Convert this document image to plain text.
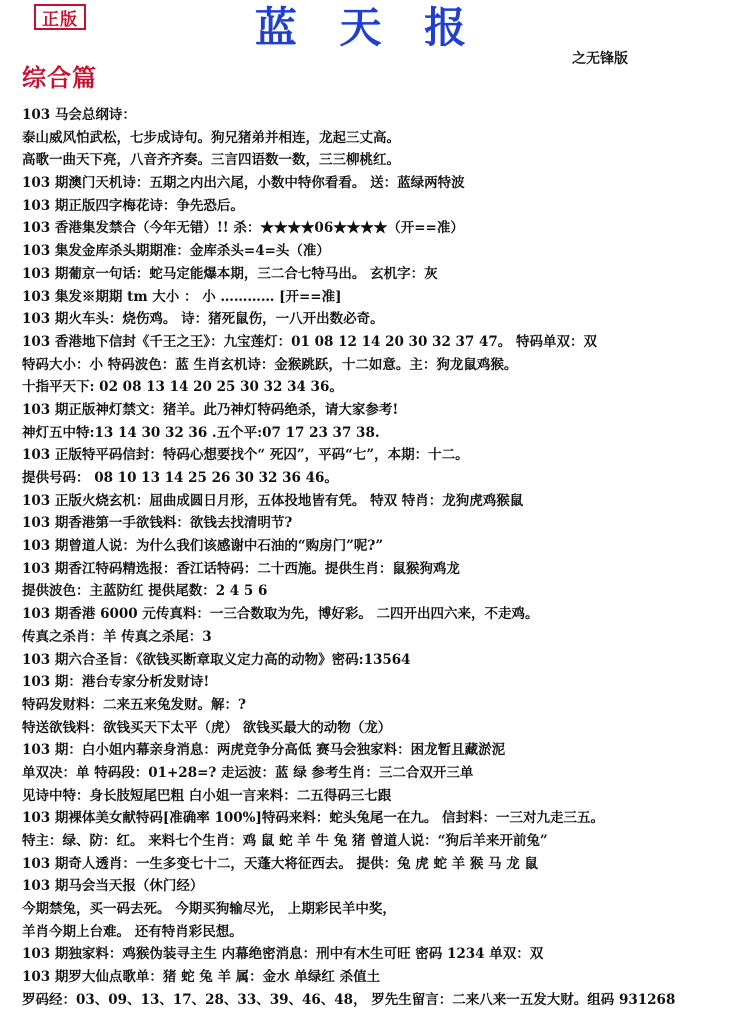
正版	蓝 天 报
之无锋版
综合篇
103 马会总纲诗：
泰山威风怕武松，七步成诗句。狗兄猪弟并相连，龙起三丈高。
高歌一曲天下亮，八音齐齐奏。三言四语数一数，三三柳桃红。
103 期澳门天机诗：五期之内出六尾，小数中特你看看。 送：蓝绿两特波
103 期正版四字梅花诗：争先恐后。
103 香港集发禁合（今年无错）!! 杀：★★★★06★★★★（开==准）
103 集发金库杀头期期准：金库杀头=4=头（准）
103 期葡京一句话：蛇马定能爆本期，三二合七特马出。 玄机字：灰
103 集发※期期 tm 大小 ： 小 ………… [开==准]
103 期火车头：烧伤鸡。 诗：猪死鼠伤，一八开出数必奇。
103 香港地下信封《千王之王》：九宝莲灯：01 08 12 14 20 30 32 37 47。 特码单双：双
特码大小：小 特码波色：蓝 生肖玄机诗：金猴跳跃，十二如意。主：狗龙鼠鸡猴。
十指平天下: 02 08 13 14 20 25 30 32 34 36。
103 期正版神灯禁文：猪羊。此乃神灯特码绝杀，请大家参考!
神灯五中特:13 14 30 32 36 .五个平:07 17 23 37 38.
103 正版特平码信封：特码心想要找个“ 死囚”，平码“七”，本期：十二。
提供号码： 08 10 13 14 25 26 30 32 36 46。
103 正版火烧玄机：屈曲成圆日月形，五体投地皆有凭。 特双 特肖：龙狗虎鸡猴鼠
103 期香港第一手欲钱料：欲钱去找清明节?
103 期曾道人说：为什么我们该感谢中石油的“购房门”呢?”
103 期香江特码精选报：香江话特码：二十西施。提供生肖：鼠猴狗鸡龙
提供波色：主蓝防红 提供尾数：2 4 5 6
103 期香港 6000 元传真料：一三合数取为先，博好彩。 二四开出四六来，不走鸡。
传真之杀肖：羊 传真之杀尾：3
103 期六合圣旨：《欲钱买断章取义定力高的动物》密码:13564
103 期：港台专家分析发财诗!
特码发财料：二来五来兔发财。解：?
特送欲钱料：欲钱买天下太平（虎） 欲钱买最大的动物（龙）
103 期：白小姐内幕亲身消息：两虎竞争分高低 赛马会独家料：困龙暂且藏淤泥
单双决：单 特码段：01+28=? 走运波：蓝 绿 参考生肖：三二合双开三单
见诗中特：身长肢短尾巴粗 白小姐一言来料：二五得码三七跟
103 期裸体美女献特码[准确率 100%]特码来料：蛇头兔尾一在九。 信封料：一三对九走三五。
特主：绿、防：红。 来料七个生肖：鸡 鼠 蛇 羊 牛 兔 猪 曾道人说：“狗后羊来开前兔”
103 期奇人透肖：一生多变七十二，天蓬大将征西去。 提供：兔 虎 蛇 羊 猴 马 龙 鼠
103 期马会当天报（休门经）
今期禁兔，买一码去死。 今期买狗输尽光， 上期彩民羊中奖，
羊肖今期上台难。 还有特肖彩民想。
103 期独家料：鸡猴伪装寻主生 内幕绝密消息：刑中有木生可旺 密码 1234 单双：双
103 期罗大仙点歌单：猪 蛇 兔 羊 属：金水 单绿红 杀值土
罗码经：03、09、13、17、28、33、39、46、48， 罗先生留言：二来八来一五发大财。组码 931268
